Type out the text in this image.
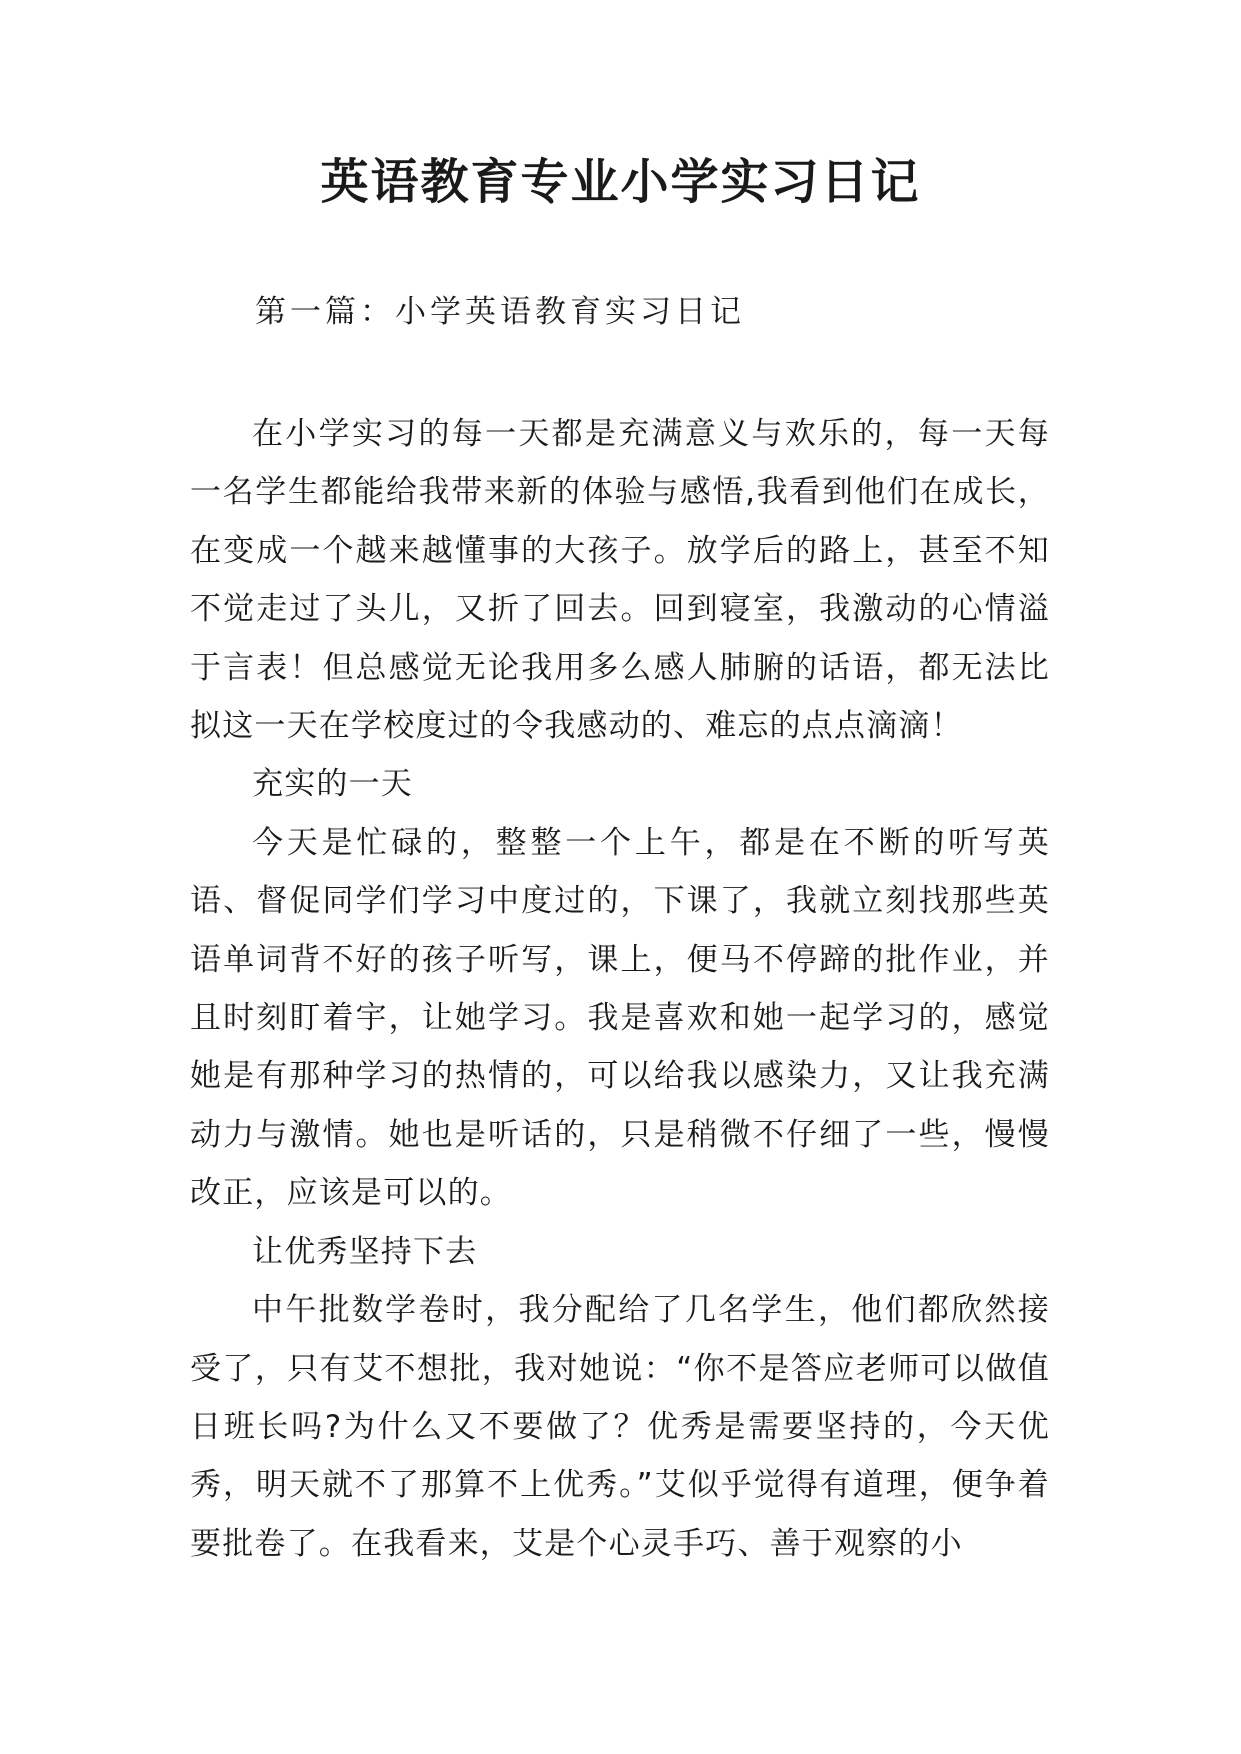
英语教育专业小学实习日记

第一篇：小学英语教育实习日记

在小学实习的每一天都是充满意义与欢乐的，每一天每一名学生都能给我带来新的体验与感悟,我看到他们在成长，在变成一个越来越懂事的大孩子。放学后的路上，甚至不知不觉走过了头儿，又折了回去。回到寝室，我激动的心情溢于言表！但总感觉无论我用多么感人肺腑的话语，都无法比拟这一天在学校度过的令我感动的、难忘的点点滴滴！

充实的一天

今天是忙碌的，整整一个上午，都是在不断的听写英语、督促同学们学习中度过的，下课了，我就立刻找那些英语单词背不好的孩子听写，课上，便马不停蹄的批作业，并且时刻盯着宇，让她学习。我是喜欢和她一起学习的，感觉她是有那种学习的热情的，可以给我以感染力，又让我充满动力与激情。她也是听话的，只是稍微不仔细了一些，慢慢改正，应该是可以的。

让优秀坚持下去

中午批数学卷时，我分配给了几名学生，他们都欣然接受了，只有艾不想批，我对她说：“你不是答应老师可以做值日班长吗?为什么又不要做了？优秀是需要坚持的，今天优秀，明天就不了那算不上优秀。”艾似乎觉得有道理，便争着要批卷了。在我看来，艾是个心灵手巧、善于观察的小
